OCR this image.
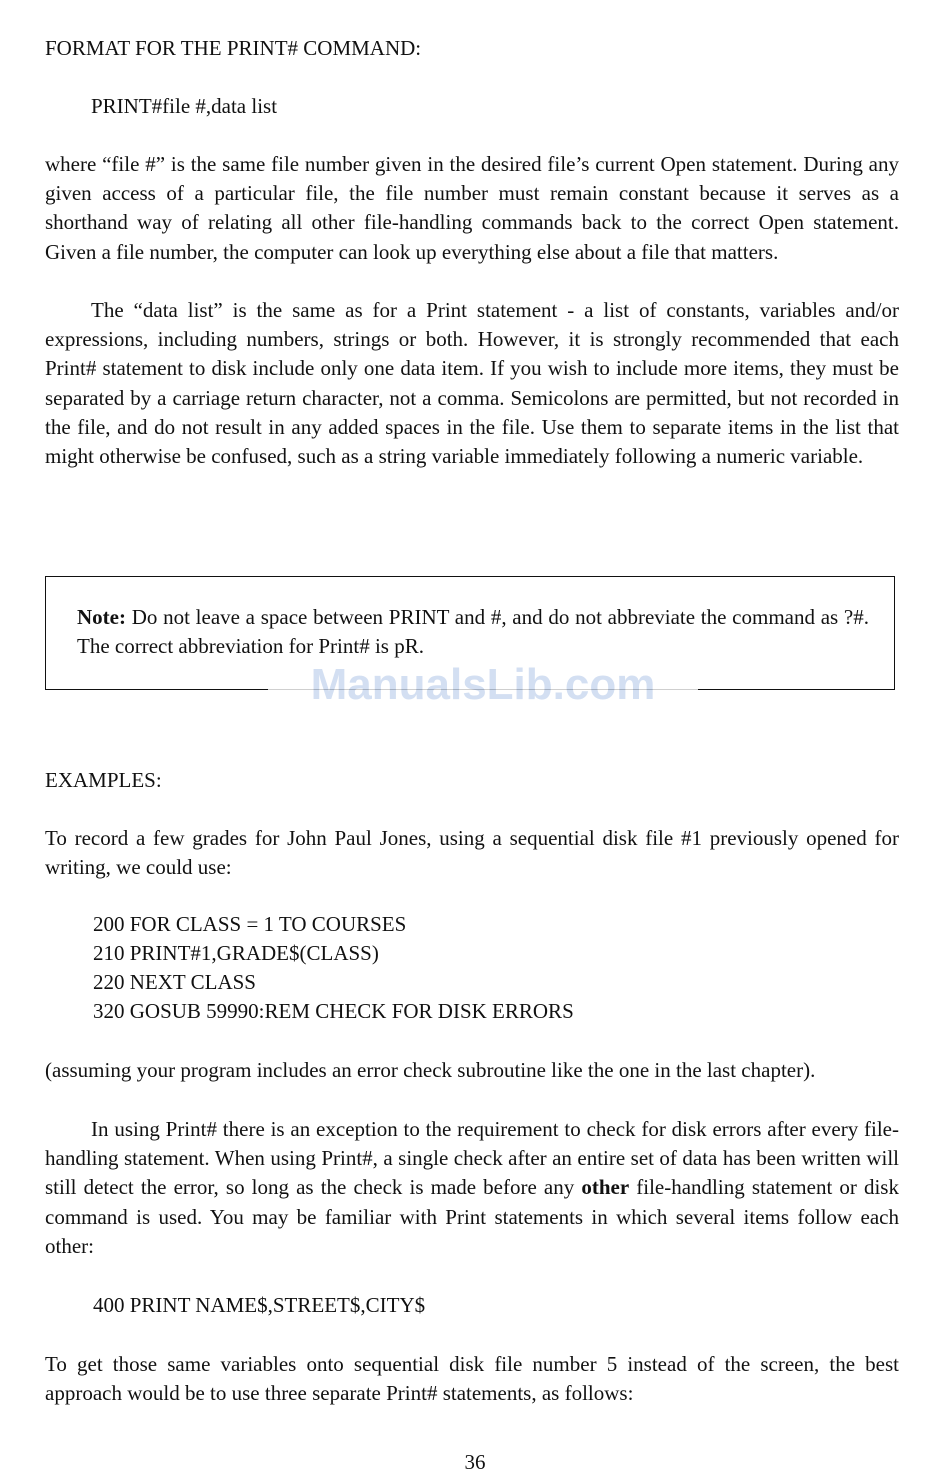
FORMAT FOR THE PRINT# COMMAND:
PRINT#file #,data list
where “file #” is the same file number given in the desired file’s current Open statement. During any given access of a particular file, the file number must remain constant because it serves as a shorthand way of relating all other file-handling commands back to the correct Open statement. Given a file number, the computer can look up everything else about a file that matters.
The “data list” is the same as for a Print statement - a list of constants, variables and/or expressions, including numbers, strings or both. However, it is strongly recommended that each Print# statement to disk include only one data item. If you wish to include more items, they must be separated by a carriage return character, not a comma. Semicolons are permitted, but not recorded in the file, and do not result in any added spaces in the file. Use them to separate items in the list that might otherwise be confused, such as a string variable immediately following a numeric variable.
Note: Do not leave a space between PRINT and #, and do not abbreviate the command as ?#. The correct abbreviation for Print# is pR.
ManualsLib.com
EXAMPLES:
To record a few grades for John Paul Jones, using a sequential disk file #1 previously opened for writing, we could use:
200 FOR CLASS = 1 TO COURSES
210 PRINT#1,GRADE$(CLASS)
220 NEXT CLASS
320 GOSUB 59990:REM CHECK FOR DISK ERRORS
(assuming your program includes an error check subroutine like the one in the last chapter).
In using Print# there is an exception to the requirement to check for disk errors after every file-handling statement. When using Print#, a single check after an entire set of data has been written will still detect the error, so long as the check is made before any other file-handling statement or disk command is used. You may be familiar with Print statements in which several items follow each other:
400 PRINT NAME$,STREET$,CITY$
To get those same variables onto sequential disk file number 5 instead of the screen, the best approach would be to use three separate Print# statements, as follows:
36
